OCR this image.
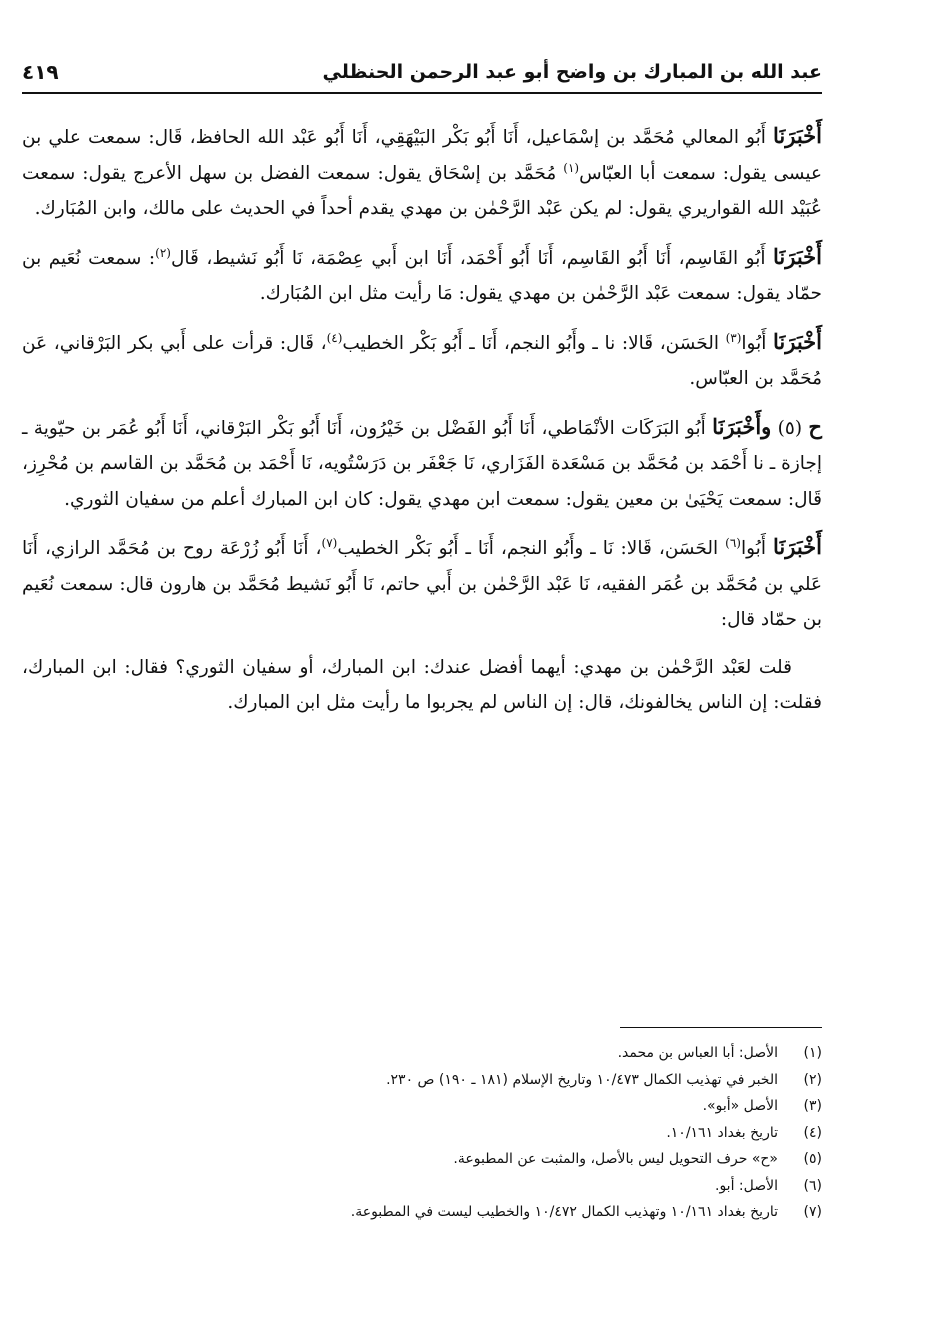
عبد الله بن المبارك بن واضح أبو عبد الرحمن الحنظلي
٤١٩

أَخْبَرَنَا أَبُو المعالي مُحَمَّد بن إسْمَاعيل، أَنَا أَبُو بَكْر البَيْهَقِي، أَنَا أَبُو عَبْد الله الحافظ، قَال: سمعت علي بن عيسى يقول: سمعت أبا العبّاس$^{(١)}$ مُحَمَّد بن إسْحَاق يقول: سمعت الفضل بن سهل الأعرج يقول: سمعت عُبَيْد الله القواريري يقول: لم يكن عَبْد الرَّحْمٰن بن مهدي يقدم أحداً في الحديث على مالك، وابن المُبَارك.

أَخْبَرَنَا أَبُو القَاسِم، أَنَا أَبُو القَاسِم، أَنَا أَبُو أَحْمَد، أَنَا ابن أَبي عِصْمَة، نَا أَبُو نَشيط، قَال$^{(٢)}$: سمعت نُعَيم بن حمّاد يقول: سمعت عَبْد الرَّحْمٰن بن مهدي يقول: مَا رأيت مثل ابن المُبَارك.

أَخْبَرَنَا أَبُوا$^{(٣)}$ الحَسَن، قَالا: نا ـ وأَبُو النجم، أَنَا ـ أَبُو بَكْر الخطيب$^{(٤)}$، قَال: قرأت على أَبي بكر البَرْقاني، عَن مُحَمَّد بن العبّاس.

ح (٥) وأَخْبَرَنَا أَبُو البَرَكَات الأنْمَاطي، أَنَا أَبُو الفَضْل بن خَيْرُون، أَنَا أَبُو بَكْر البَرْقاني، أَنَا أَبُو عُمَر بن حيّوية ـ إجازة ـ نا أَحْمَد بن مُحَمَّد بن مَسْعَدة الفَزَاري، نَا جَعْفَر بن دَرَسْتُويه، نَا أَحْمَد بن مُحَمَّد بن القاسم بن مُحْرِز، قَال: سمعت يَحْيَىٰ بن معين يقول: سمعت ابن مهدي يقول: كان ابن المبارك أعلم من سفيان الثوري.

أَخْبَرَنَا أَبُوا$^{(٦)}$ الحَسَن، قَالا: نَا ـ وأَبُو النجم، أَنَا ـ أَبُو بَكْر الخطيب$^{(٧)}$، أَنَا أَبُو زُرْعَة روح بن مُحَمَّد الرازي، أَنَا عَلي بن مُحَمَّد بن عُمَر الفقيه، نَا عَبْد الرَّحْمٰن بن أَبي حاتم، نَا أَبُو نَشيط مُحَمَّد بن هارون قال: سمعت نُعَيم بن حمّاد قال:

قلت لعَبْد الرَّحْمٰن بن مهدي: أيهما أفضل عندك: ابن المبارك، أو سفيان الثوري؟ فقال: ابن المبارك، فقلت: إن الناس يخالفونك، قال: إن الناس لم يجربوا ما رأيت مثل ابن المبارك.

(١)
الأصل: أبا العباس بن محمد.
(٢)
الخبر في تهذيب الكمال ١٠/٤٧٣ وتاريخ الإسلام (١٨١ ـ ١٩٠) ص ٢٣٠.
(٣)
الأصل «أبو».
(٤)
تاريخ بغداد ١٠/١٦١.
(٥)
«ح» حرف التحويل ليس بالأصل، والمثبت عن المطبوعة.
(٦)
الأصل: أبو.
(٧)
تاريخ بغداد ١٠/١٦١ وتهذيب الكمال ١٠/٤٧٢ والخطيب ليست في المطبوعة.
